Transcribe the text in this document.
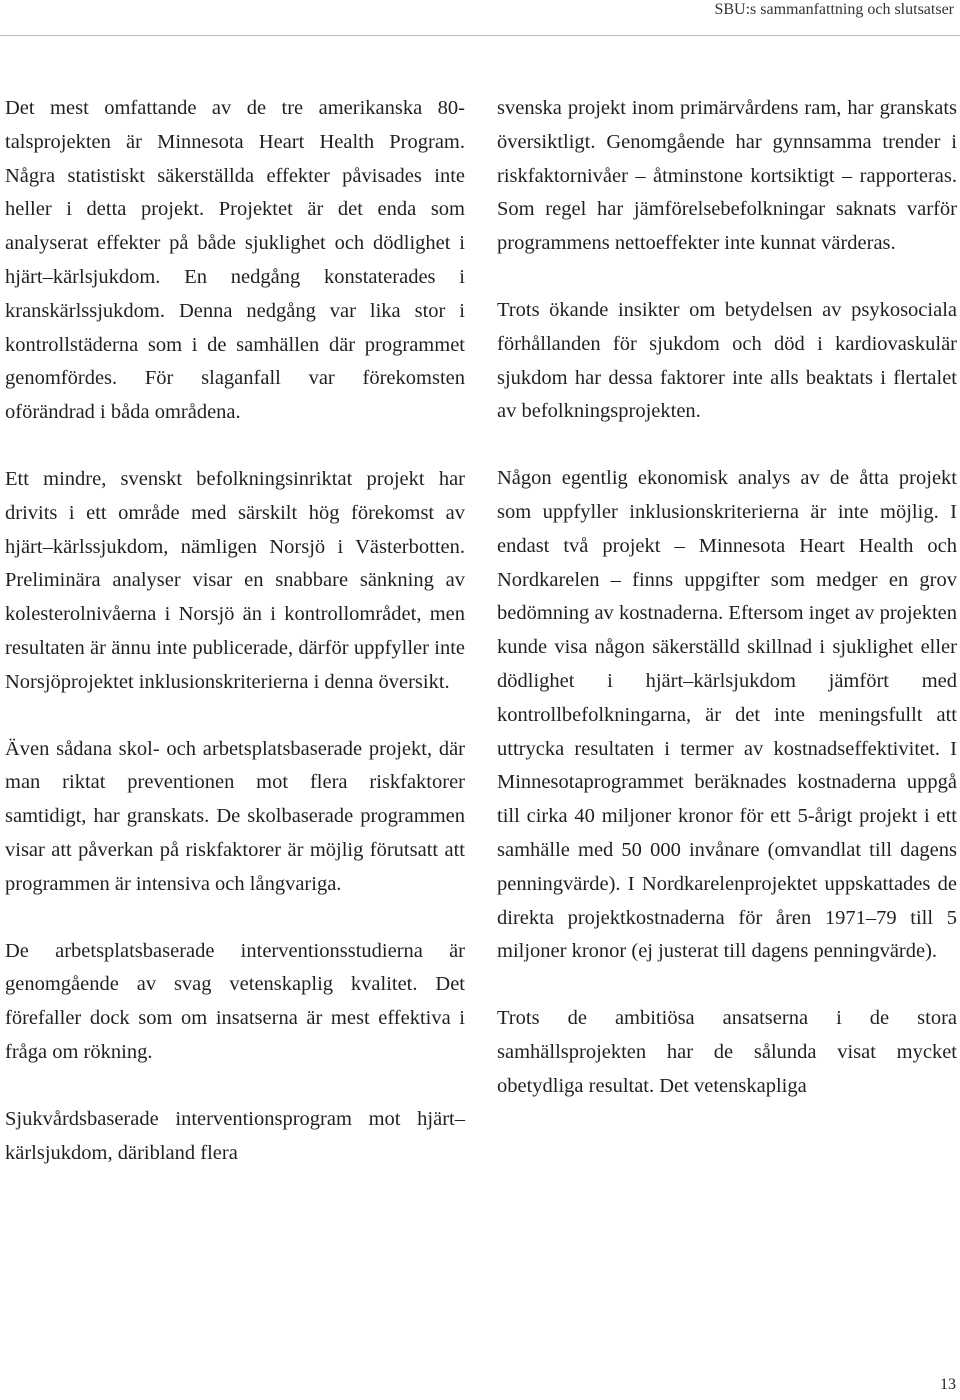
SBU:s sammanfattning och slutsatser

Det mest omfattande av de tre amerikanska 80-talsprojekten är Minnesota Heart Health Program. Några statistiskt säkerställda effekter påvisades inte heller i detta projekt. Projektet är det enda som analyserat effekter på både sjuklighet och dödlighet i hjärt–kärlsjukdom. En nedgång konstaterades i kranskärlssjukdom. Denna nedgång var lika stor i kontrollstäderna som i de samhällen där programmet genomfördes. För slaganfall var förekomsten oförändrad i båda områdena.

Ett mindre, svenskt befolkningsinriktat projekt har drivits i ett område med särskilt hög förekomst av hjärt–kärlssjukdom, nämligen Norsjö i Västerbotten. Preliminära analyser visar en snabbare sänkning av kolesterolnivåerna i Norsjö än i kontrollområdet, men resultaten är ännu inte publicerade, därför uppfyller inte Norsjöprojektet inklusionskriterierna i denna översikt.

Även sådana skol- och arbetsplatsbaserade projekt, där man riktat preventionen mot flera riskfaktorer samtidigt, har granskats. De skolbaserade programmen visar att påverkan på riskfaktorer är möjlig förutsatt att programmen är intensiva och långvariga.

De arbetsplatsbaserade interventionsstudierna är genomgående av svag vetenskaplig kvalitet. Det förefaller dock som om insatserna är mest effektiva i fråga om rökning.

Sjukvårdsbaserade interventionsprogram mot hjärt–kärlsjukdom, däribland flera

svenska projekt inom primärvårdens ram, har granskats översiktligt. Genomgående har gynnsamma trender i riskfaktornivåer – åtminstone kortsiktigt – rapporteras. Som regel har jämförelsebefolkningar saknats varför programmens nettoeffekter inte kunnat värderas.

Trots ökande insikter om betydelsen av psykosociala förhållanden för sjukdom och död i kardiovaskulär sjukdom har dessa faktorer inte alls beaktats i flertalet av befolkningsprojekten.

Någon egentlig ekonomisk analys av de åtta projekt som uppfyller inklusionskriterierna är inte möjlig. I endast två projekt – Minnesota Heart Health och Nordkarelen – finns uppgifter som medger en grov bedömning av kostnaderna. Eftersom inget av projekten kunde visa någon säkerställd skillnad i sjuklighet eller dödlighet i hjärt–kärlsjukdom jämfört med kontrollbefolkningarna, är det inte meningsfullt att uttrycka resultaten i termer av kostnadseffektivitet. I Minnesotaprogrammet beräknades kostnaderna uppgå till cirka 40 miljoner kronor för ett 5-årigt projekt i ett samhälle med 50 000 invånare (omvandlat till dagens penningvärde). I Nordkarelenprojektet uppskattades de direkta projektkostnaderna för åren 1971–79 till 5 miljoner kronor (ej justerat till dagens penningvärde).

Trots de ambitiösa ansatserna i de stora samhällsprojekten har de sålunda visat mycket obetydliga resultat. Det vetenskapliga

13
